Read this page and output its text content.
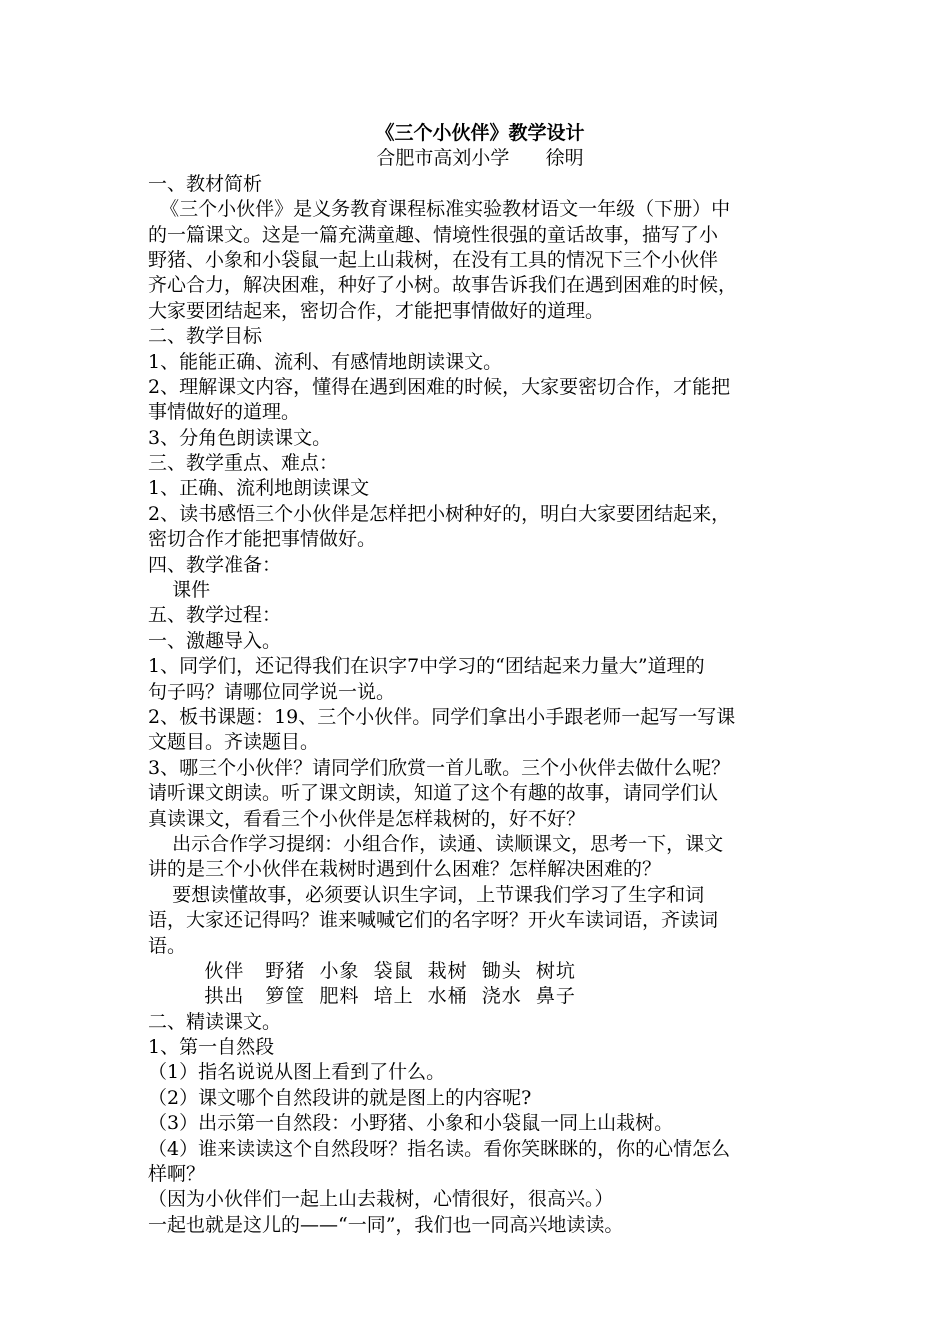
《三个小伙伴》教学设计
合肥市高刘小学      徐明
一、教材简析
《三个小伙伴》是义务教育课程标准实验教材语文一年级（下册）中
的一篇课文。这是一篇充满童趣、情境性很强的童话故事，描写了小
野猪、小象和小袋鼠一起上山栽树，在没有工具的情况下三个小伙伴
齐心合力，解决困难，种好了小树。故事告诉我们在遇到困难的时候，
大家要团结起来，密切合作，才能把事情做好的道理。
二、教学目标
1、能能正确、流利、有感情地朗读课文。
2、理解课文内容，懂得在遇到困难的时候，大家要密切合作，才能把
事情做好的道理。
3、分角色朗读课文。
三、教学重点、难点：
1、正确、流利地朗读课文
2、读书感悟三个小伙伴是怎样把小树种好的，明白大家要团结起来，
密切合作才能把事情做好。
四、教学准备：
课件
五、教学过程：
一、激趣导入。
1、同学们，还记得我们在识字7中学习的“团结起来力量大”道理的
句子吗？请哪位同学说一说。
2、板书课题：19、三个小伙伴。同学们拿出小手跟老师一起写一写课
文题目。齐读题目。
3、哪三个小伙伴？请同学们欣赏一首儿歌。三个小伙伴去做什么呢？
请听课文朗读。听了课文朗读，知道了这个有趣的故事，请同学们认
真读课文，看看三个小伙伴是怎样栽树的，好不好？
出示合作学习提纲：小组合作，读通、读顺课文，思考一下，课文
讲的是三个小伙伴在栽树时遇到什么困难？怎样解决困难的？
要想读懂故事，必须要认识生字词，上节课我们学习了生字和词
语，大家还记得吗？谁来喊喊它们的名字呀？开火车读词语，齐读词
语。
伙伴   野猪  小象  袋鼠  栽树  锄头  树坑
拱出   箩筐  肥料  培上  水桶  浇水  鼻子
二、精读课文。
1、第一自然段
（1）指名说说从图上看到了什么。
（2）课文哪个自然段讲的就是图上的内容呢?
（3）出示第一自然段：小野猪、小象和小袋鼠一同上山栽树。
（4）谁来读读这个自然段呀？指名读。看你笑眯眯的，你的心情怎么
样啊？
（因为小伙伴们一起上山去栽树，心情很好，很高兴。）
一起也就是这儿的——“一同”，我们也一同高兴地读读。
